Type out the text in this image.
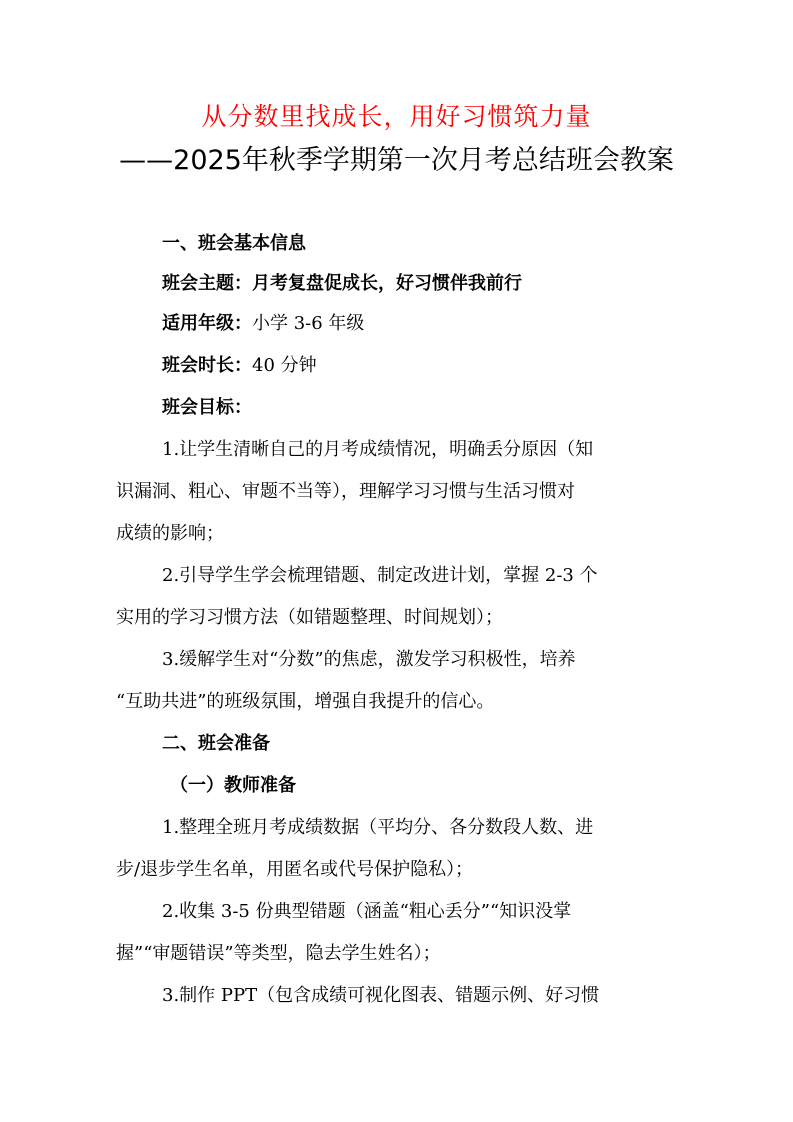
从分数里找成长，用好习惯筑力量
——2025年秋季学期第一次月考总结班会教案
一、班会基本信息
班会主题：月考复盘促成长，好习惯伴我前行
适用年级：小学 3-6 年级
班会时长：40 分钟
班会目标：
1.让学生清晰自己的月考成绩情况，明确丢分原因（知
识漏洞、粗心、审题不当等），理解学习习惯与生活习惯对
成绩的影响；
2.引导学生学会梳理错题、制定改进计划，掌握 2-3 个
实用的学习习惯方法（如错题整理、时间规划）；
3.缓解学生对“分数”的焦虑，激发学习积极性，培养
“互助共进”的班级氛围，增强自我提升的信心。
二、班会准备
（一）教师准备
1.整理全班月考成绩数据（平均分、各分数段人数、进
步/退步学生名单，用匿名或代号保护隐私）；
2.收集 3-5 份典型错题（涵盖“粗心丢分”“知识没掌
握”“审题错误”等类型，隐去学生姓名）；
3.制作 PPT（包含成绩可视化图表、错题示例、好习惯
